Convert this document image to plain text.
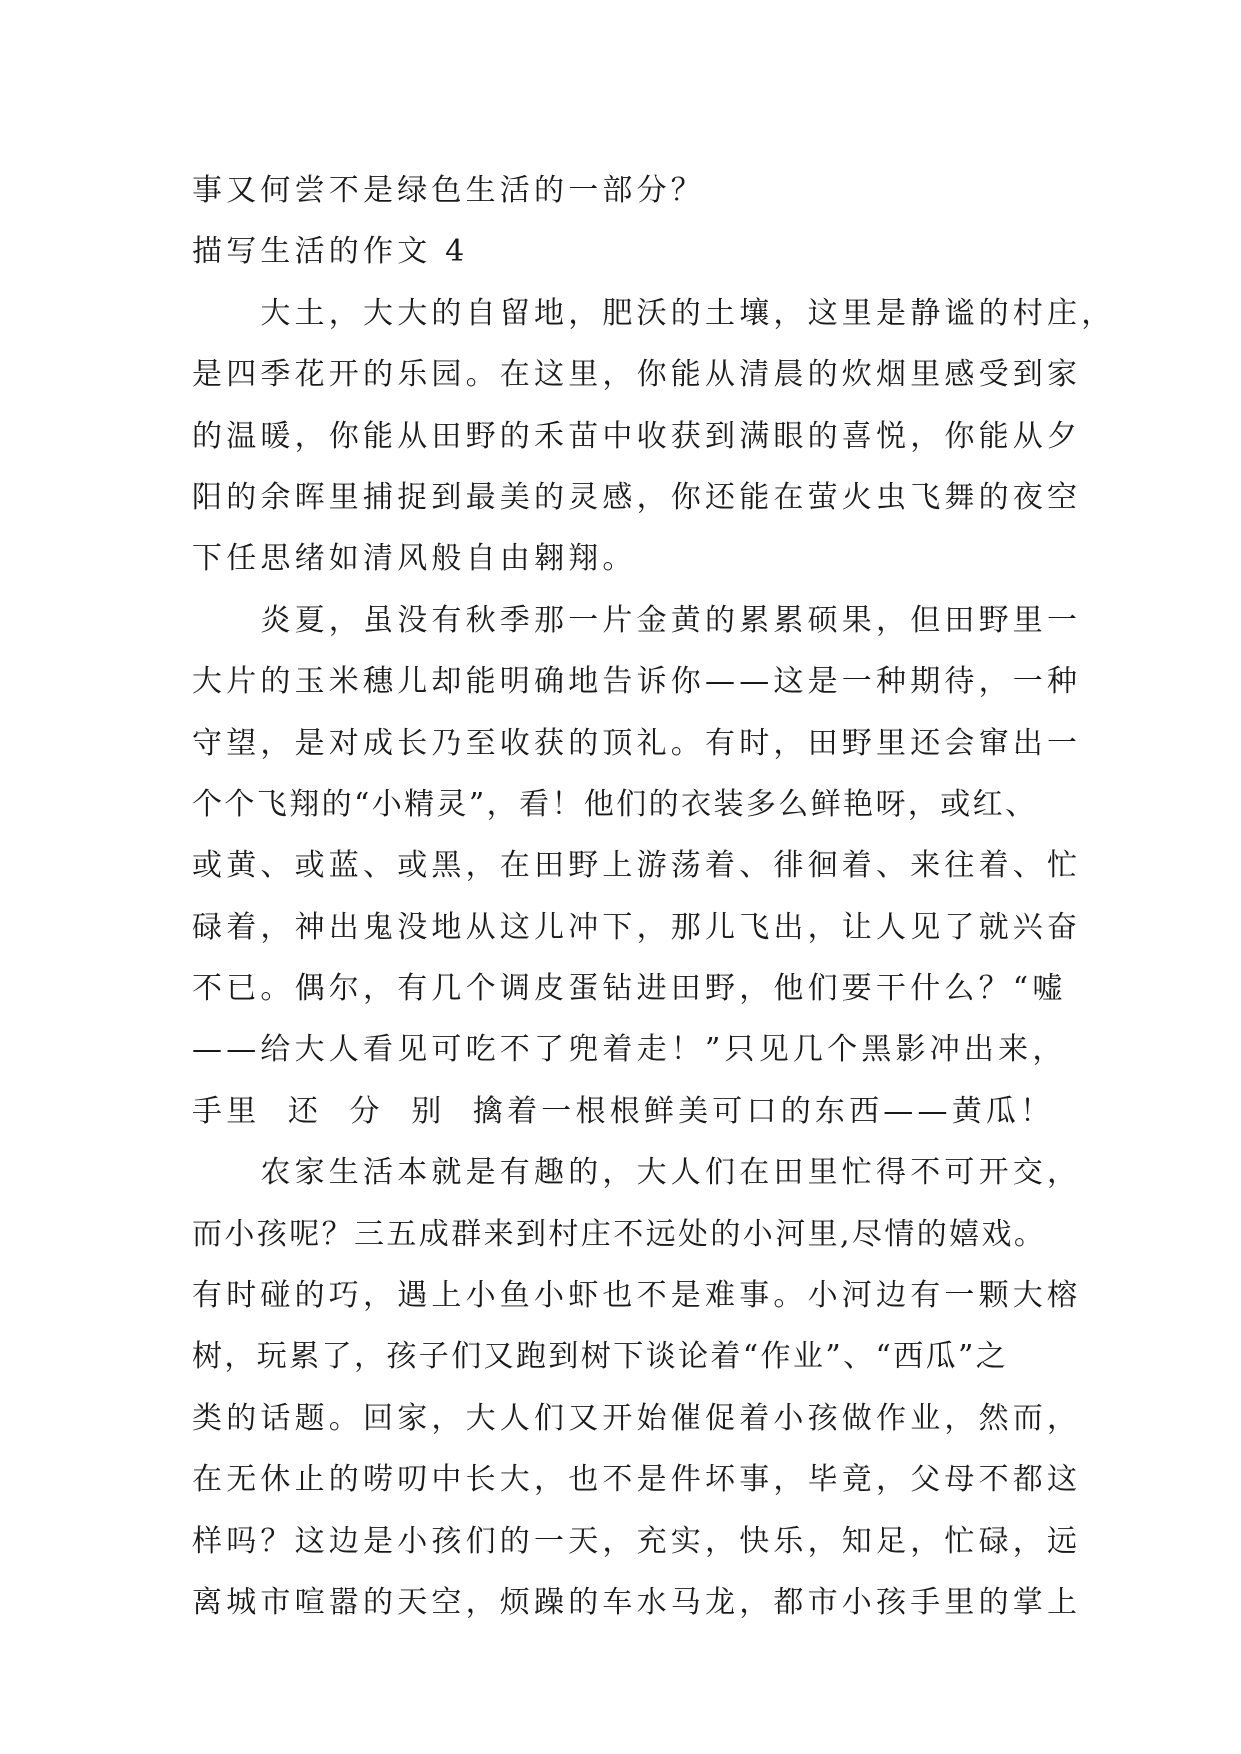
事又何尝不是绿色生活的一部分？
描写生活的作文 4
　　大土，大大的自留地，肥沃的土壤，这里是静谧的村庄，
是四季花开的乐园。在这里，你能从清晨的炊烟里感受到家
的温暖，你能从田野的禾苗中收获到满眼的喜悦，你能从夕
阳的余晖里捕捉到最美的灵感，你还能在萤火虫飞舞的夜空
下任思绪如清风般自由翱翔。
　　炎夏，虽没有秋季那一片金黄的累累硕果，但田野里一
大片的玉米穗儿却能明确地告诉你——这是一种期待，一种
守望，是对成长乃至收获的顶礼。有时，田野里还会窜出一
个个飞翔的“小精灵”，看！他们的衣装多么鲜艳呀，或红、
或黄、或蓝、或黑，在田野上游荡着、徘徊着、来往着、忙
碌着，神出鬼没地从这儿冲下，那儿飞出，让人见了就兴奋
不已。偶尔，有几个调皮蛋钻进田野，他们要干什么？“嘘
——给大人看见可吃不了兜着走！”只见几个黑影冲出来，
手里  还  分  别  擒着一根根鲜美可口的东西——黄瓜！
　　农家生活本就是有趣的，大人们在田里忙得不可开交，
而小孩呢？三五成群来到村庄不远处的小河里,尽情的嬉戏。
有时碰的巧，遇上小鱼小虾也不是难事。小河边有一颗大榕
树，玩累了，孩子们又跑到树下谈论着“作业”、“西瓜”之
类的话题。回家，大人们又开始催促着小孩做作业，然而，
在无休止的唠叨中长大，也不是件坏事，毕竟，父母不都这
样吗？这边是小孩们的一天，充实，快乐，知足，忙碌，远
离城市喧嚣的天空，烦躁的车水马龙，都市小孩手里的掌上
